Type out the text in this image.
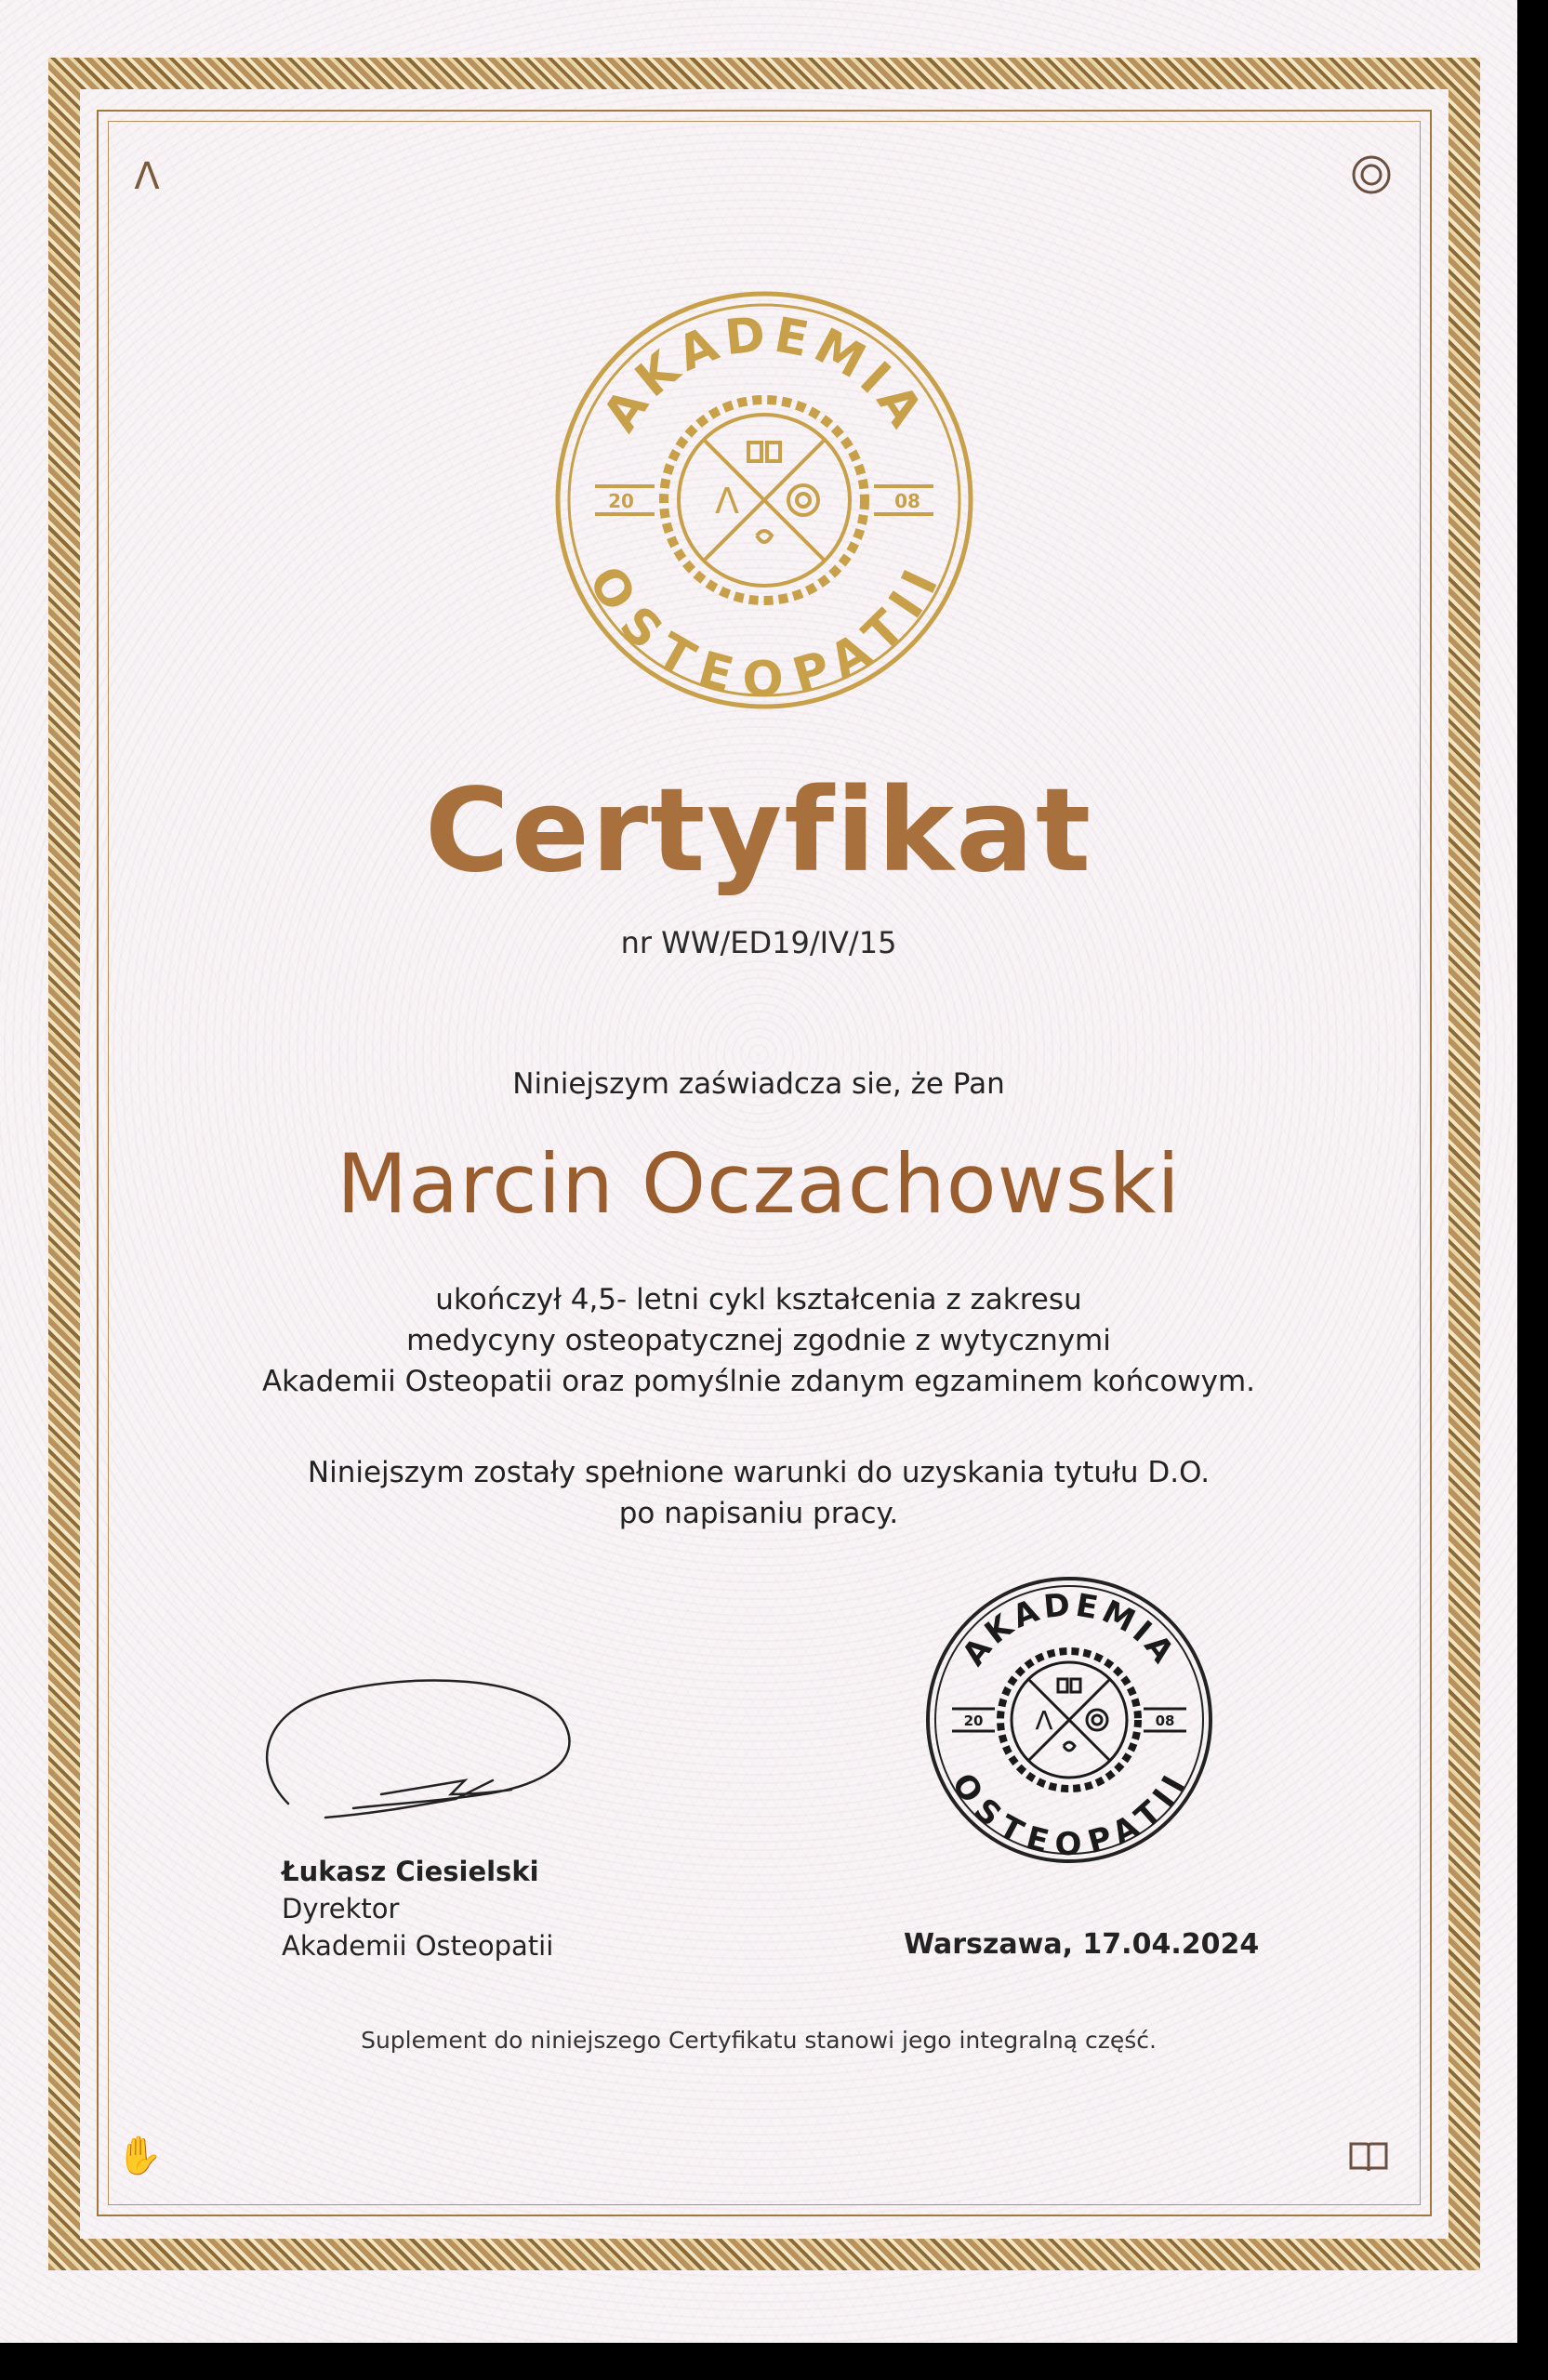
Λ
✋
AKADEMIA
OSTEOPATII
20	08
Λ
Certyfikat
nr WW/ED19/IV/15
Niniejszym zaświadcza sie, że Pan
Marcin Oczachowski
ukończył 4,5- letni cykl kształcenia z zakresu
medycyny osteopatycznej zgodnie z wytycznymi
Akademii Osteopatii oraz pomyślnie zdanym egzaminem końcowym.
Niniejszym zostały spełnione warunki do uzyskania tytułu D.O.
po napisaniu pracy.
Łukasz Ciesielski
Dyrektor
Akademii Osteopatii
AKADEMIA
OSTEOPATII
20	08
Λ
Warszawa, 17.04.2024
Suplement do niniejszego Certyfikatu stanowi jego integralną część.
